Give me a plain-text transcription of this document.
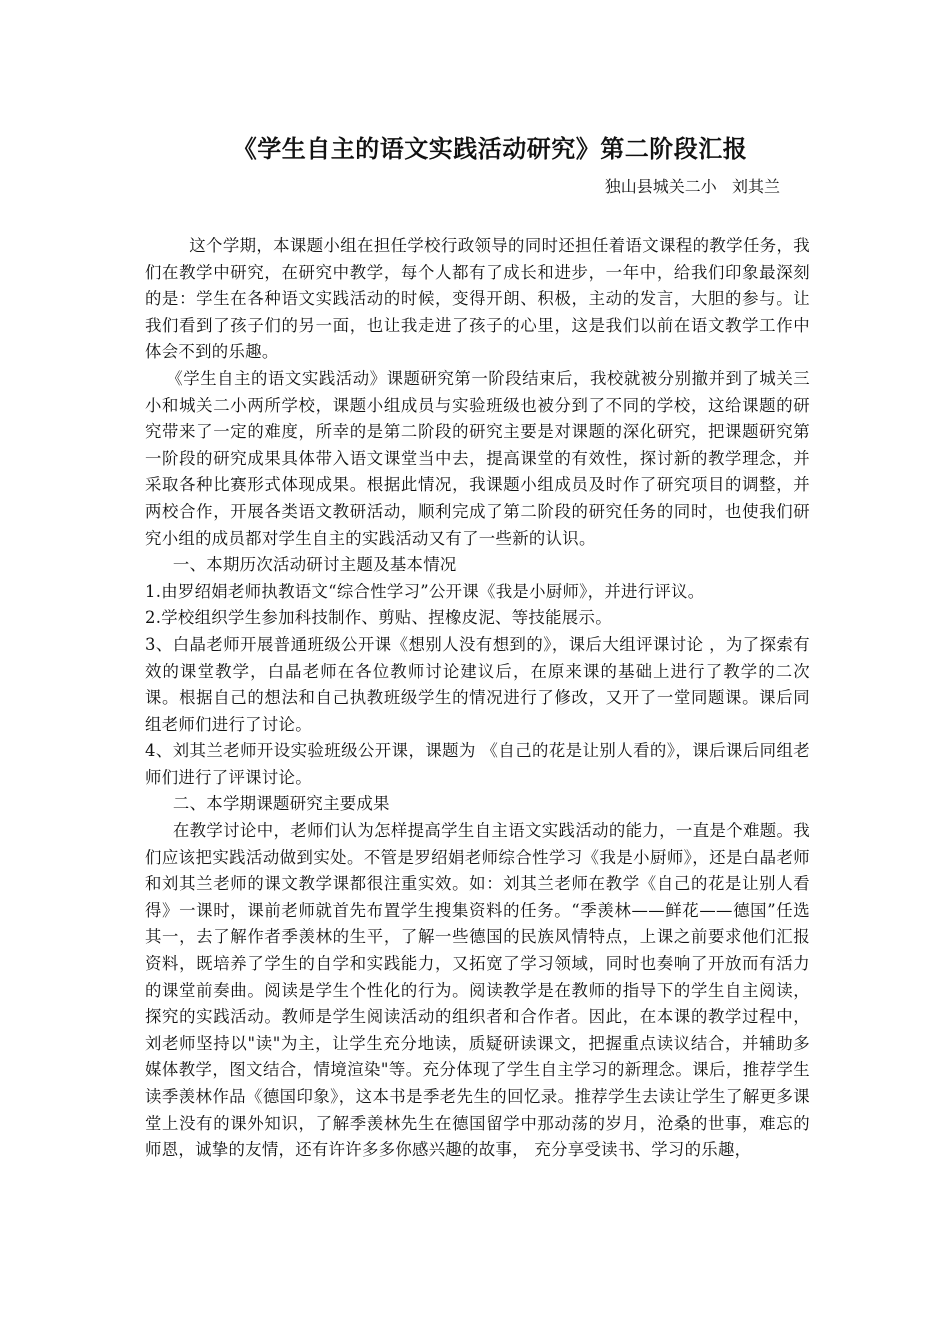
《学生自主的语文实践活动研究》第二阶段汇报
独山县城关二小   刘其兰

这个学期，本课题小组在担任学校行政领导的同时还担任着语文课程的教学任务，我们在教学中研究，在研究中教学，每个人都有了成长和进步，一年中，给我们印象最深刻的是：学生在各种语文实践活动的时候，变得开朗、积极，主动的发言，大胆的参与。让我们看到了孩子们的另一面，也让我走进了孩子的心里，这是我们以前在语文教学工作中体会不到的乐趣。

《学生自主的语文实践活动》课题研究第一阶段结束后，我校就被分别撤并到了城关三小和城关二小两所学校，课题小组成员与实验班级也被分到了不同的学校，这给课题的研究带来了一定的难度，所幸的是第二阶段的研究主要是对课题的深化研究，把课题研究第一阶段的研究成果具体带入语文课堂当中去，提高课堂的有效性，探讨新的教学理念，并采取各种比赛形式体现成果。根据此情况，我课题小组成员及时作了研究项目的调整，并两校合作，开展各类语文教研活动，顺利完成了第二阶段的研究任务的同时，也使我们研究小组的成员都对学生自主的实践活动又有了一些新的认识。

一、本期历次活动研讨主题及基本情况

1.由罗绍娟老师执教语文“综合性学习”公开课《我是小厨师》，并进行评议。

2.学校组织学生参加科技制作、剪贴、捏橡皮泥、等技能展示。

3、白晶老师开展普通班级公开课《想别人没有想到的》，课后大组评课讨论 ，为了探索有效的课堂教学，白晶老师在各位教师讨论建议后，在原来课的基础上进行了教学的二次课。根据自己的想法和自己执教班级学生的情况进行了修改，又开了一堂同题课。课后同组老师们进行了讨论。

4、刘其兰老师开设实验班级公开课，课题为 《自己的花是让别人看的》，课后课后同组老师们进行了评课讨论。

二、本学期课题研究主要成果

在教学讨论中，老师们认为怎样提高学生自主语文实践活动的能力，一直是个难题。我们应该把实践活动做到实处。不管是罗绍娟老师综合性学习《我是小厨师》，还是白晶老师和刘其兰老师的课文教学课都很注重实效。如：刘其兰老师在教学《自己的花是让别人看得》一课时，课前老师就首先布置学生搜集资料的任务。“季羡林——鲜花——德国”任选其一，去了解作者季羡林的生平，了解一些德国的民族风情特点，上课之前要求他们汇报资料，既培养了学生的自学和实践能力，又拓宽了学习领域，同时也奏响了开放而有活力的课堂前奏曲。阅读是学生个性化的行为。阅读教学是在教师的指导下的学生自主阅读，探究的实践活动。教师是学生阅读活动的组织者和合作者。因此，在本课的教学过程中，刘老师坚持以"读"为主，让学生充分地读，质疑研读课文，把握重点读议结合，并辅助多媒体教学，图文结合，情境渲染"等。充分体现了学生自主学习的新理念。课后，推荐学生读季羡林作品《德国印象》，这本书是季老先生的回忆录。推荐学生去读让学生了解更多课堂上没有的课外知识，了解季羡林先生在德国留学中那动荡的岁月，沧桑的世事，难忘的师恩，诚挚的友情，还有许许多多你感兴趣的故事， 充分享受读书、学习的乐趣，
